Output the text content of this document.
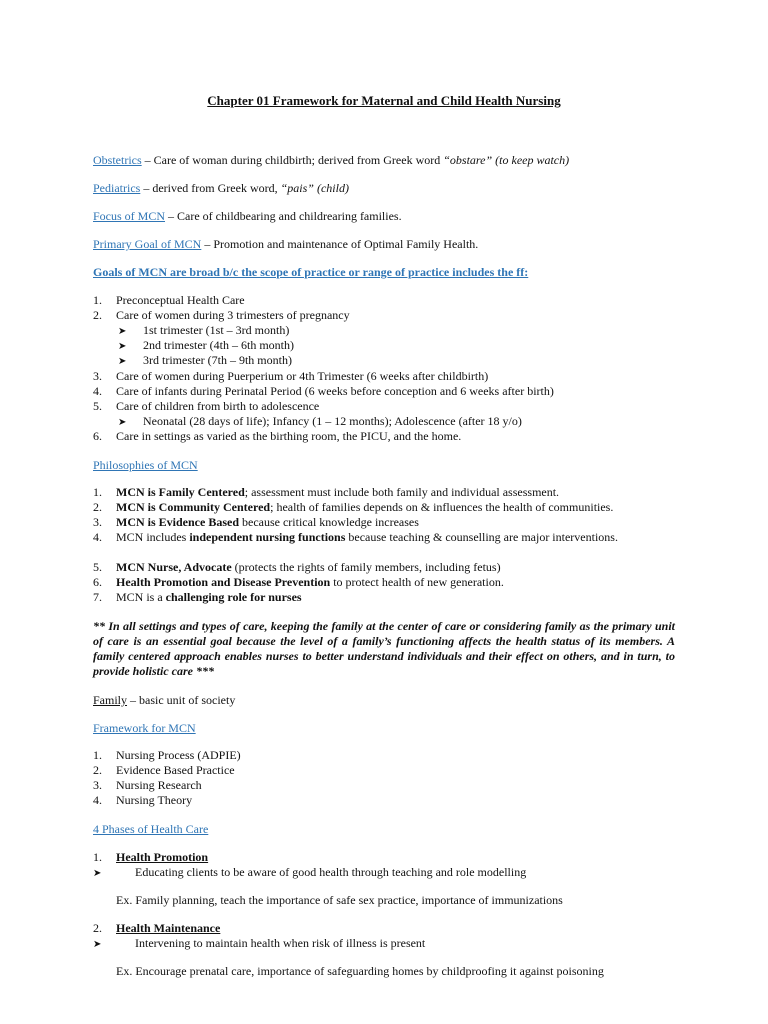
Chapter 01 Framework for Maternal and Child Health Nursing
Obstetrics – Care of woman during childbirth; derived from Greek word “obstare” (to keep watch)
Pediatrics – derived from Greek word, “pais” (child)
Focus of MCN – Care of childbearing and childrearing families.
Primary Goal of MCN – Promotion and maintenance of Optimal Family Health.
Goals of MCN are broad b/c the scope of practice or range of practice includes the ff:
1.	Preconceptual Health Care
2.	Care of women during 3 trimesters of pregnancy
➤ 1st trimester (1st – 3rd month)
➤ 2nd trimester (4th – 6th month)
➤ 3rd trimester (7th – 9th month)
3.	Care of women during Puerperium or 4th Trimester (6 weeks after childbirth)
4.	Care of infants during Perinatal Period (6 weeks before conception and 6 weeks after birth)
5.	Care of children from birth to adolescence
➤ Neonatal (28 days of life); Infancy (1 – 12 months); Adolescence (after 18 y/o)
6.	Care in settings as varied as the birthing room, the PICU, and the home.
Philosophies of MCN
1.	MCN is Family Centered; assessment must include both family and individual assessment.
2.	MCN is Community Centered; health of families depends on & influences the health of communities.
3.	MCN is Evidence Based because critical knowledge increases
4.	MCN includes independent nursing functions because teaching & counselling are major interventions.
5.	MCN Nurse, Advocate (protects the rights of family members, including fetus)
6.	Health Promotion and Disease Prevention to protect health of new generation.
7.	MCN is a challenging role for nurses
** In all settings and types of care, keeping the family at the center of care or considering family as the primary unit of care is an essential goal because the level of a family’s functioning affects the health status of its members. A family centered approach enables nurses to better understand individuals and their effect on others, and in turn, to provide holistic care ***
Family – basic unit of society
Framework for MCN
1.	Nursing Process (ADPIE)
2.	Evidence Based Practice
3.	Nursing Research
4.	Nursing Theory
4 Phases of Health Care
1.	Health Promotion
➤	Educating clients to be aware of good health through teaching and role modelling
Ex. Family planning, teach the importance of safe sex practice, importance of immunizations
2.	Health Maintenance
➤	Intervening to maintain health when risk of illness is present
Ex. Encourage prenatal care, importance of safeguarding homes by childproofing it against poisoning
